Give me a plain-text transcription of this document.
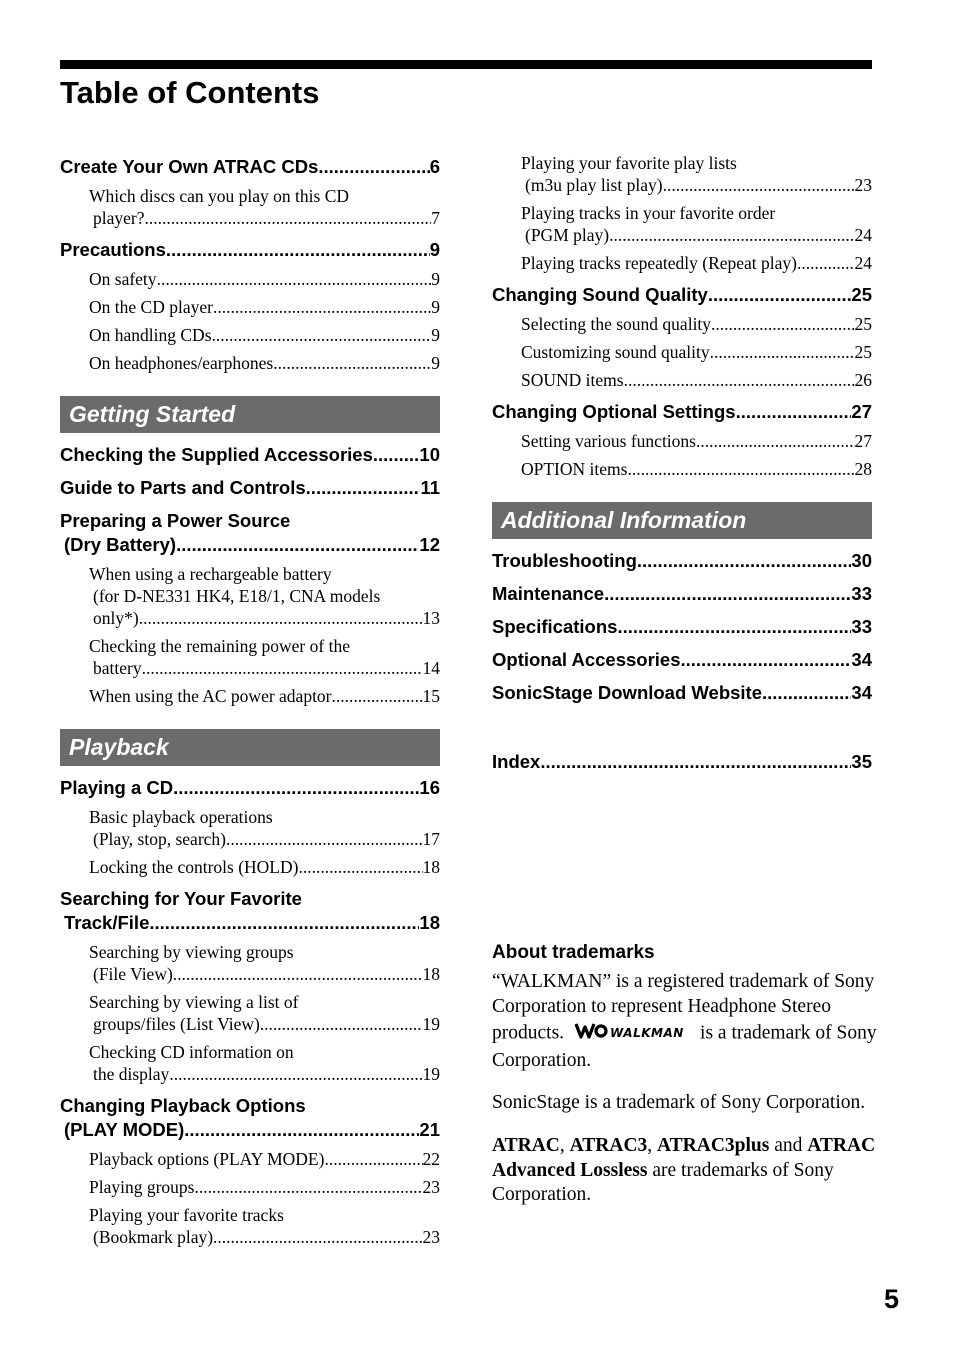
Table of Contents
Create Your Own ATRAC CDs .....	6
Which discs can you play on this CD
player? .....	7
Precautions .....	9
On safety .....	9
On the CD player .....	9
On handling CDs .....	9
On headphones/earphones .....	9
Getting Started
Checking the Supplied Accessories .....	10
Guide to Parts and Controls .....	11
Preparing a Power Source
(Dry Battery) .....	12
When using a rechargeable battery
(for D-NE331 HK4, E18/1, CNA models
only*) .....	13
Checking the remaining power of the
battery .....	14
When using the AC power adaptor .....	15
Playback
Playing a CD .....	16
Basic playback operations
(Play, stop, search) .....	17
Locking the controls (HOLD) .....	18
Searching for Your Favorite
Track/File .....	18
Searching by viewing groups
(File View) .....	18
Searching by viewing a list of
groups/files (List View) .....	19
Checking CD information on
the display .....	19
Changing Playback Options
(PLAY MODE) .....	21
Playback options (PLAY MODE) .....	22
Playing groups .....	23
Playing your favorite tracks
(Bookmark play) .....	23
Playing your favorite play lists
(m3u play list play) .....	23
Playing tracks in your favorite order
(PGM play) .....	24
Playing tracks repeatedly (Repeat play) .....	24
Changing Sound Quality .....	25
Selecting the sound quality .....	25
Customizing sound quality .....	25
SOUND items .....	26
Changing Optional Settings .....	27
Setting various functions .....	27
OPTION items .....	28
Additional Information
Troubleshooting .....	30
Maintenance .....	33
Specifications .....	33
Optional Accessories .....	34
SonicStage Download Website .....	34
Index .....	35
About trademarks

“WALKMAN” is a registered trademark of Sony Corporation to represent Headphone Stereo products.	WALKMAN is a trademark of Sony Corporation.

SonicStage is a trademark of Sony Corporation.

ATRAC, ATRAC3, ATRAC3plus and ATRAC Advanced Lossless are trademarks of Sony Corporation.

5
